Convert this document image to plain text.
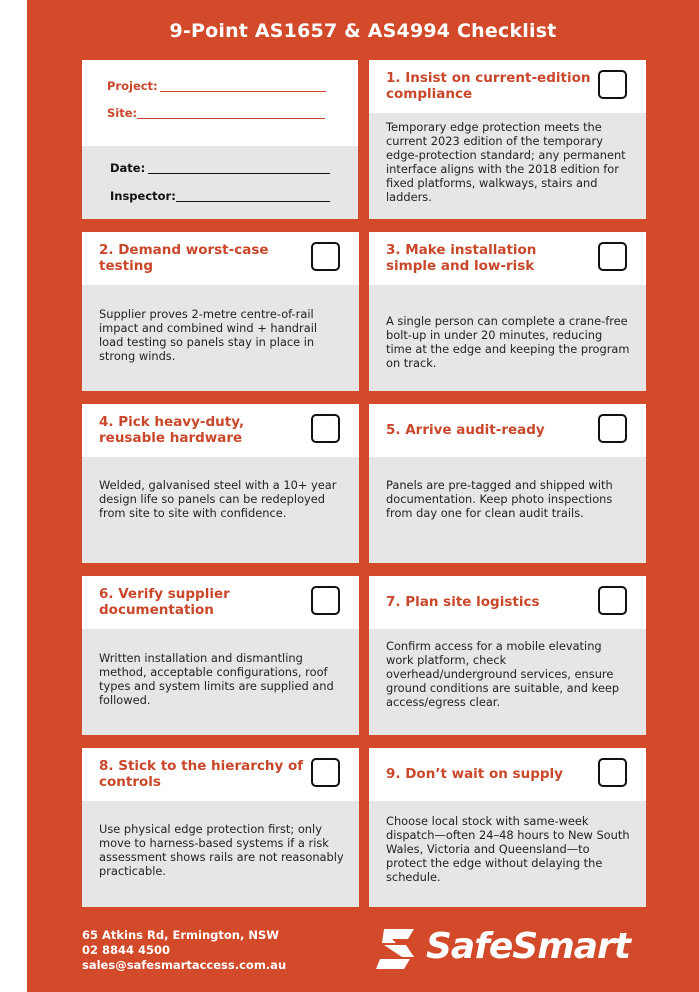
9-Point AS1657 & AS4994 Checklist
Project:
Site:
Date:
Inspector:
1. Insist on current-edition compliance
Temporary edge protection meets the current 2023 edition of the temporary edge-protection standard; any permanent interface aligns with the 2018 edition for fixed platforms, walkways, stairs and ladders.
2. Demand worst-case testing
Supplier proves 2-metre centre-of-rail impact and combined wind + handrail load testing so panels stay in place in strong winds.
3. Make installation simple and low-risk
A single person can complete a crane-free bolt-up in under 20 minutes, reducing time at the edge and keeping the program on track.
4. Pick heavy-duty, reusable hardware
Welded, galvanised steel with a 10+ year design life so panels can be redeployed from site to site with confidence.
5. Arrive audit-ready
Panels are pre-tagged and shipped with documentation. Keep photo inspections from day one for clean audit trails.
6. Verify supplier documentation
Written installation and dismantling method, acceptable configurations, roof types and system limits are supplied and followed.
7. Plan site logistics
Confirm access for a mobile elevating work platform, check overhead/underground services, ensure ground conditions are suitable, and keep access/egress clear.
8. Stick to the hierarchy of controls
Use physical edge protection first; only move to harness-based systems if a risk assessment shows rails are not reasonably practicable.
9. Don’t wait on supply
Choose local stock with same-week dispatch—often 24–48 hours to New South Wales, Victoria and Queensland—to protect the edge without delaying the schedule.
65 Atkins Rd, Ermington, NSW
02 8844 4500
sales@safesmartaccess.com.au	SafeSmart
